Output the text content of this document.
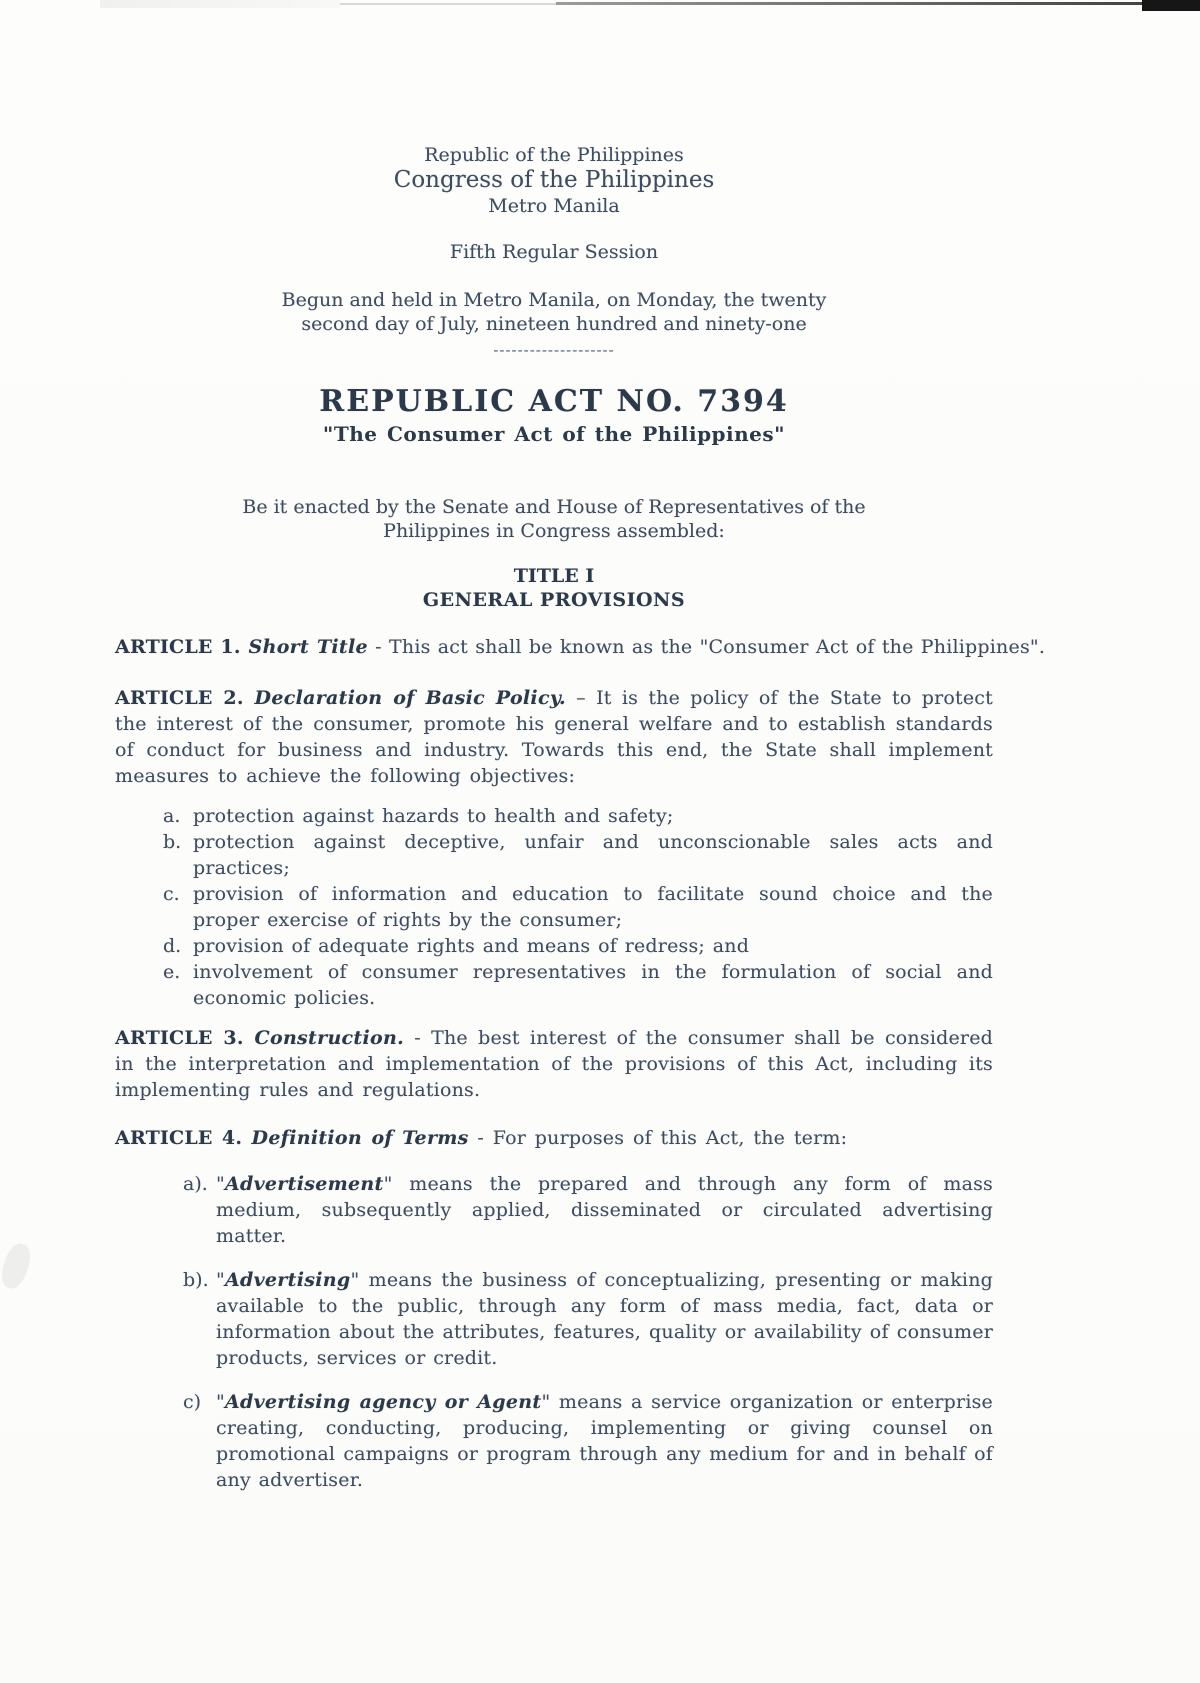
Republic of the Philippines
Congress of the Philippines
Metro Manila
Fifth Regular Session
Begun and held in Metro Manila, on Monday, the twenty
second day of July, nineteen hundred and ninety-one
--------------------
REPUBLIC ACT NO. 7394
"The Consumer Act of the Philippines"
Be it enacted by the Senate and House of Representatives of the
Philippines in Congress assembled:
TITLE I
GENERAL PROVISIONS

ARTICLE 1. Short Title - This act shall be known as the "Consumer Act of the Philippines".

ARTICLE 2. Declaration of Basic Policy. – It is the policy of the State to protect the interest of the consumer, promote his general welfare and to establish standards of conduct for business and industry. Towards this end, the State shall implement measures to achieve the following objectives:

a. protection against hazards to health and safety;
b. protection against deceptive, unfair and unconscionable sales acts and practices;
c. provision of information and education to facilitate sound choice and the proper exercise of rights by the consumer;
d. provision of adequate rights and means of redress; and
e. involvement of consumer representatives in the formulation of social and economic policies.

ARTICLE 3. Construction. - The best interest of the consumer shall be considered in the interpretation and implementation of the provisions of this Act, including its implementing rules and regulations.

ARTICLE 4. Definition of Terms - For purposes of this Act, the term:

a). "Advertisement" means the prepared and through any form of mass medium, subsequently applied, disseminated or circulated advertising matter.
b). "Advertising" means the business of conceptualizing, presenting or making available to the public, through any form of mass media, fact, data or information about the attributes, features, quality or availability of consumer products, services or credit.
c) "Advertising agency or Agent" means a service organization or enterprise creating, conducting, producing, implementing or giving counsel on promotional campaigns or program through any medium for and in behalf of any advertiser.
